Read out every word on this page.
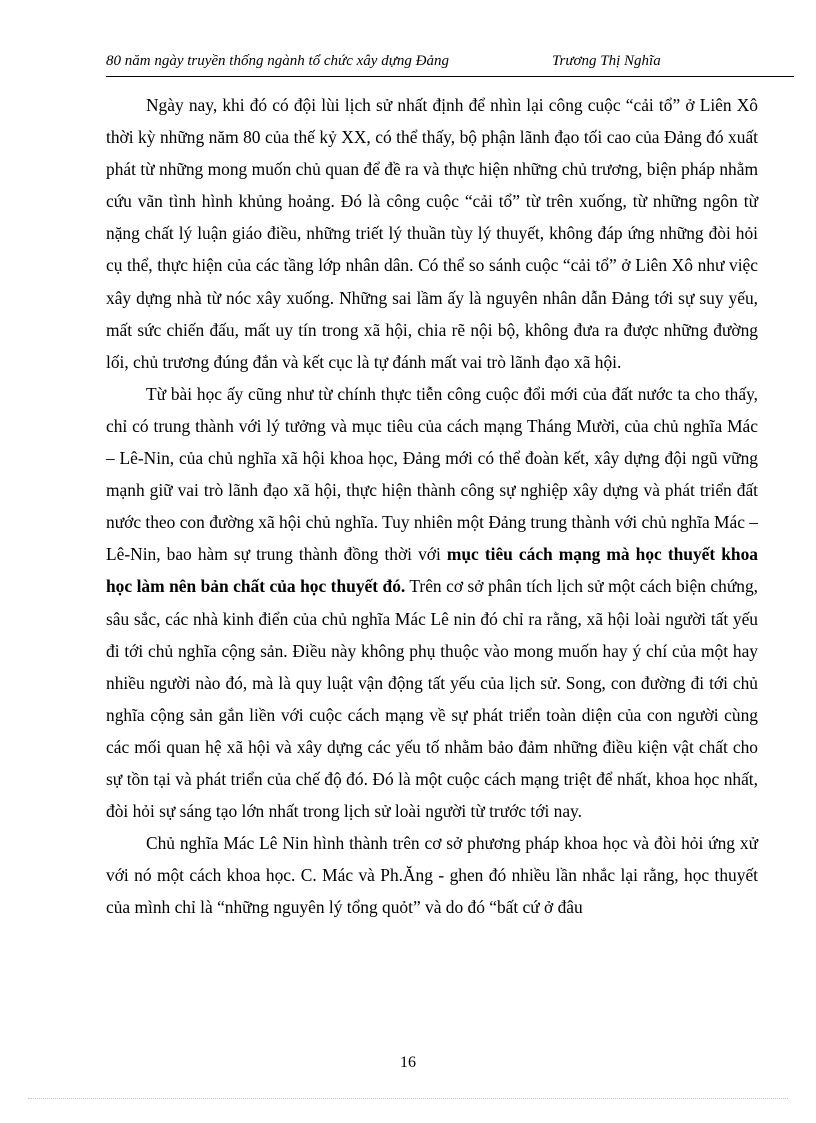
80 năm ngày truyền thống ngành tổ chức xây dựng Đảng	Trương Thị Nghĩa

Ngày nay, khi đó có đội lùi lịch sử nhất định để nhìn lại công cuộc “cải tổ” ở Liên Xô thời kỳ những năm 80 của thế kỷ XX, có thể thấy, bộ phận lãnh đạo tối cao của Đảng đó xuất phát từ những mong muốn chủ quan để đề ra và thực hiện những chủ trương, biện pháp nhằm cứu vãn tình hình khủng hoảng. Đó là công cuộc “cải tổ” từ trên xuống, từ những ngôn từ nặng chất lý luận giáo điều, những triết lý thuần tùy lý thuyết, không đáp ứng những đòi hỏi cụ thể, thực hiện của các tầng lớp nhân dân. Có thể so sánh cuộc “cải tổ” ở Liên Xô như việc xây dựng nhà từ nóc xây xuống. Những sai lầm ấy là nguyên nhân dẫn Đảng tới sự suy yếu, mất sức chiến đấu, mất uy tín trong xã hội, chia rẽ nội bộ, không đưa ra được những đường lối, chủ trương đúng đắn và kết cục là tự đánh mất vai trò lãnh đạo xã hội.

Từ bài học ấy cũng như từ chính thực tiễn công cuộc đổi mới của đất nước ta cho thấy, chỉ có trung thành với lý tưởng và mục tiêu của cách mạng Tháng Mười, của chủ nghĩa Mác – Lê-Nin, của chủ nghĩa xã hội khoa học, Đảng mới có thể đoàn kết, xây dựng đội ngũ vững mạnh giữ vai trò lãnh đạo xã hội, thực hiện thành công sự nghiệp xây dựng và phát triển đất nước theo con đường xã hội chủ nghĩa. Tuy nhiên một Đảng trung thành với chủ nghĩa Mác – Lê-Nin, bao hàm sự trung thành đồng thời với mục tiêu cách mạng mà học thuyết khoa học làm nên bản chất của học thuyết đó. Trên cơ sở phân tích lịch sử một cách biện chứng, sâu sắc, các nhà kinh điển của chủ nghĩa Mác Lê nin đó chỉ ra rằng, xã hội loài người tất yếu đi tới chủ nghĩa cộng sản. Điều này không phụ thuộc vào mong muốn hay ý chí của một hay nhiều người nào đó, mà là quy luật vận động tất yếu của lịch sử. Song, con đường đi tới chủ nghĩa cộng sản gắn liền với cuộc cách mạng về sự phát triển toàn diện của con người cùng các mối quan hệ xã hội và xây dựng các yếu tố nhằm bảo đảm những điều kiện vật chất cho sự tồn tại và phát triển của chế độ đó. Đó là một cuộc cách mạng triệt để nhất, khoa học nhất, đòi hỏi sự sáng tạo lớn nhất trong lịch sử loài người từ trước tới nay.

Chủ nghĩa Mác Lê Nin hình thành trên cơ sở phương pháp khoa học và đòi hỏi ứng xử với nó một cách khoa học. C. Mác và Ph.Ăng - ghen đó nhiều lần nhắc lại rằng, học thuyết của mình chỉ là “những nguyên lý tổng quỏt” và do đó “bất cứ ở đâu

16
